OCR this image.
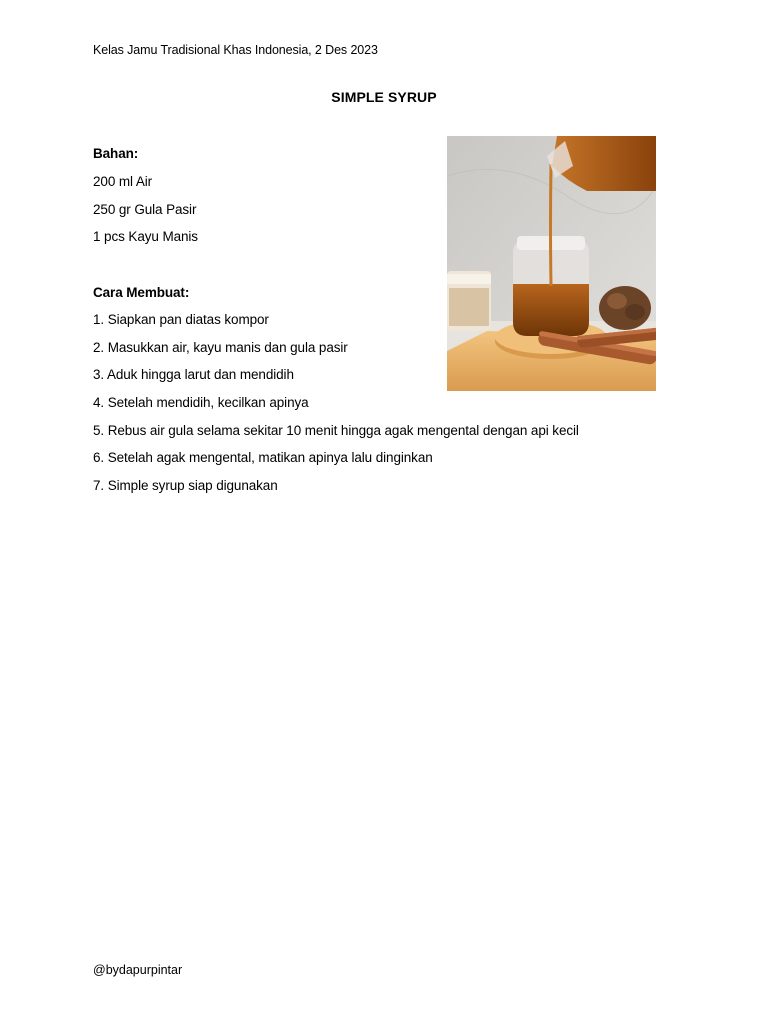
Kelas Jamu Tradisional Khas Indonesia, 2 Des 2023
SIMPLE SYRUP
Bahan:
200 ml Air
250 gr Gula Pasir
1 pcs Kayu Manis
Cara Membuat:
1. Siapkan pan diatas kompor
2. Masukkan air, kayu manis dan gula pasir
3. Aduk hingga larut dan mendidih
4. Setelah mendidih, kecilkan apinya
5. Rebus air gula selama sekitar 10 menit hingga agak mengental dengan api kecil
6. Setelah agak mengental, matikan apinya lalu dinginkan
7. Simple syrup siap digunakan
@bydapurpintar
